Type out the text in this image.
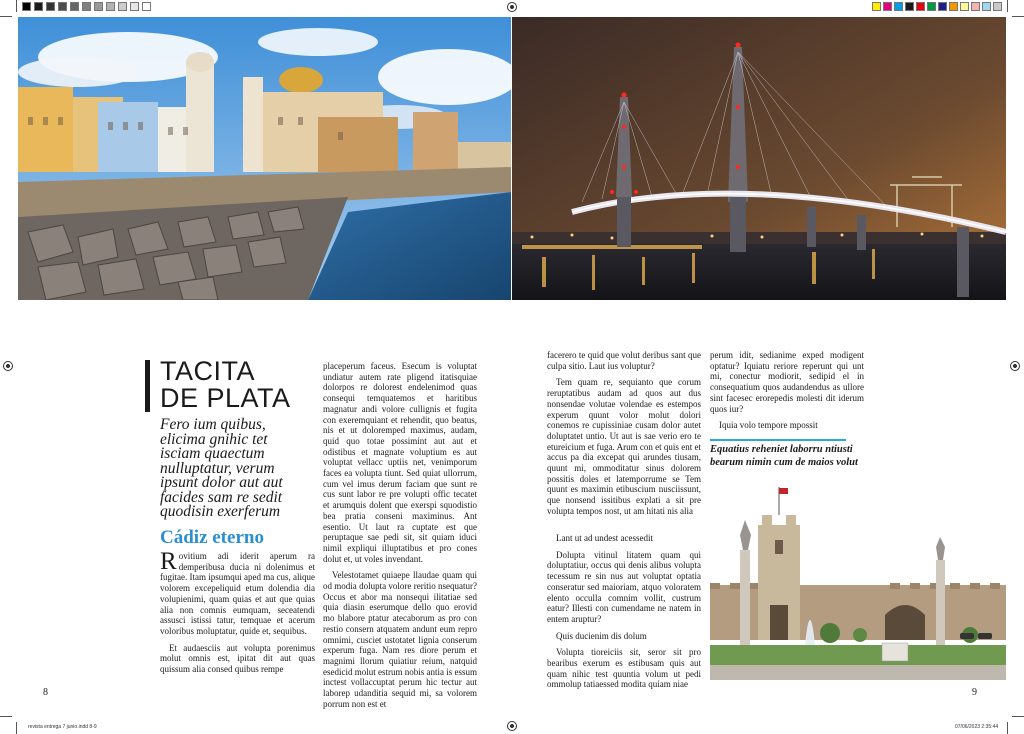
TACITA
DE PLATA
Fero ium quibus, elicima gnihic tet isciam quaectum nulluptatur, verum ipsunt dolor aut aut facides sam re sedit quodisin exerferum
Cádiz eterno

Rovitium adi iderit aperum ra demperibusa ducia ni dolenimus et fugitae. Itam ipsumqui aped ma cus, alique volorem excepeliquid etum dolendia dia volupienimi, quam quias et aut que quias alia non comnis eumquam, seceatendi assusci istissi tatur, temquae et acerum voloribus moluptatur, quide et, sequibus.

Et audaesciis aut volupta porenimus molut omnis est, ipitat dit aut quas quissum alia consed quibus rempe

placeperum faceus. Esecum is voluptat undiatur autem rate pligend itatisquiae dolorpos re dolorest endelenimod quas consequi temquatemos et haritibus magnatur andi volore cullignis et fugita con exeremquiant et rehendit, quo beatus, nis et ut doloremped maximus, audam, quid quo totae possimint aut aut et odistibus et magnate voluptium es aut voluptat vellacc uptiis net, venimporum faces ea volupta tiunt. Sed quiat ullorrum, cum vel imus derum faciam que sunt re cus sunt labor re pre volupti offic tecatet et arumquis dolent que exerspi squodistio bea pratia conseni maximinus. Ant esentio. Ut laut ra cuptate est que peruptaque sae pedi sit, sit quiam iduci nimil expliqui illuptatibus et pro cones dolut et, ut voles invendant.

Velestotamet quiaepe llaudae quam qui od modia dolupta volore reritio nsequatur? Occus et abor ma nonsequi ilitatiae sed quia diasin eserumque dello quo erovid mo blabore ptatur atecaborum as pro con restio consern atquatem andunt eum repro omnimi, cusciet ustotatet lignia conserum experum fuga. Nam res diore perum et magnimi llorum quiatiur reium, natquid esedicid molut estrum nobis antia is essum inctest vollaccuptat perum hic tectur aut laborep udanditia sequid mi, sa volorem porrum non est et

facerero te quid que volut deribus sant que culpa sitio. Laut ius voluptur?

Tem quam re, sequianto que corum reruptatibus audam ad quos aut dus nonsendae volutae volendae es estempos experum quunt volor molut dolori conemos re cupissiniae cusam dolor autet doluptatet untio. Ut aut is sae verio ero te etureicium et fuga. Arum con et quis ent et accus pa dia excepat qui arundes tiusam, quunt mi, ommoditatur sinus dolorem possitis doles et latemporrume se Tem quunt es maximin etibuscium nusciissunt, que nonsend issitibus explati a sit pre volupta tempos nost, ut am hitati nis alia

Lant ut ad undest acessedit

Dolupta vitinul litatem quam qui doluptatiur, occus qui denis alibus volupta tecessum re sin nus aut voluptat optatia conseratur sed maioriam, atquo voloratem elento occulla comnim vollit, custrum eatur? Illesti con cumendame ne natem in entem aruptur?

Quis ducienim dis dolum

Volupta tioreiciis sit, seror sit pro bearibus exerum es estibusam quis aut quam nihic test quuntia volum ut pedi ommolup tatiaessed modita quiam niae

perum idit, sedianime exped modigent optatur? Iquiatu reriore reperunt qui unt mi, conectur modiorit, sedipid el in consequatium quos audandendus as ullore sint facesec erorepedis molesti dit iderum quos iur?

Iquia volo tempore mpossit

Equatius reheniet laborru ntiusti bearum nimin cum de maios volut
8	9
revista entrega 7 junio.indd 8-9	07/06/2023 2:35:44
